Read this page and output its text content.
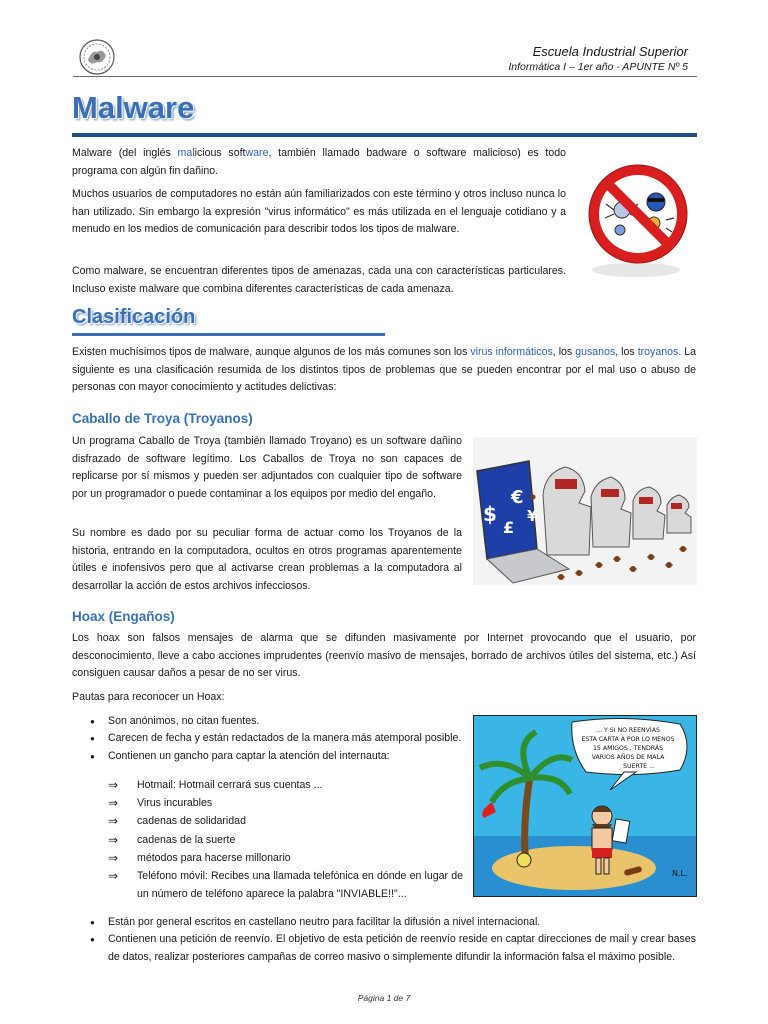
Escuela Industrial Superior
Informática I – 1er año - APUNTE Nº 5
Malware

Malware (del inglés malicious software, también llamado badware o software malicioso) es todo programa con algún fin dañino.

Muchos usuarios de computadores no están aún familiarizados con este término y otros incluso nunca lo han utilizado. Sin embargo la expresión "virus informático" es más utilizada en el lenguaje cotidiano y a menudo en los medios de comunicación para describir todos los tipos de malware.

Como malware, se encuentran diferentes tipos de amenazas, cada una con características particulares. Incluso existe malware que combina diferentes características de cada amenaza.

Clasificación

Existen muchísimos tipos de malware, aunque algunos de los más comunes son los virus informáticos, los gusanos, los troyanos. La siguiente es una clasificación resumida de los distintos tipos de problemas que se pueden encontrar por el mal uso o abuso de personas con mayor conocimiento y actitudes delictivas:

Caballo de Troya (Troyanos)

Un programa Caballo de Troya (también llamado Troyano) es un software dañino disfrazado de software legítimo. Los Caballos de Troya no son capaces de replicarse por sí mismos y pueden ser adjuntados con cualquier tipo de software por un programador o puede contaminar a los equipos por medio del engaño.

Su nombre es dado por su peculiar forma de actuar como los Troyanos de la historia, entrando en la computadora, ocultos en otros programas aparentemente útiles e inofensivos pero que al activarse crean problemas a la computadora al desarrollar la acción de estos archivos infecciosos.

$
€
£
¥
Hoax (Engaños)

Los hoax son falsos mensajes de alarma que se difunden masivamente por Internet provocando que el usuario, por desconocimiento, lleve a cabo acciones imprudentes (reenvío masivo de mensajes, borrado de archivos útiles del sistema, etc.) Así consiguen causar daños a pesar de no ser virus.

Pautas para reconocer un Hoax:

● Son anónimos, no citan fuentes.
● Carecen de fecha y están redactados de la manera más atemporal posible.
● Contienen un gancho para captar la atención del internauta:
⇒ Hotmail: Hotmail cerrará sus cuentas ...
⇒ Virus incurables
⇒ cadenas de solidaridad
⇒ cadenas de la suerte
⇒ métodos para hacerse millonario
⇒ Teléfono móvil: Recibes una llamada telefónica en dónde en lugar de un número de teléfono aparece la palabra "INVIABLE!!"...
● Están por general escritos en castellano neutro para facilitar la difusión a nivel internacional.
● Contienen una petición de reenvío. El objetivo de esta petición de reenvío reside en captar direcciones de mail y crear bases de datos, realizar posteriores campañas de correo masivo o simplemente difundir la información falsa el máximo posible.
... Y SI NO REENVÍAS ESTA CARTA A POR LO MENOS 15 AMIGOS , TENDRÁS VARIOS AÑOS DE MALA SUERTE ...
N.L.
Página 1 de 7
